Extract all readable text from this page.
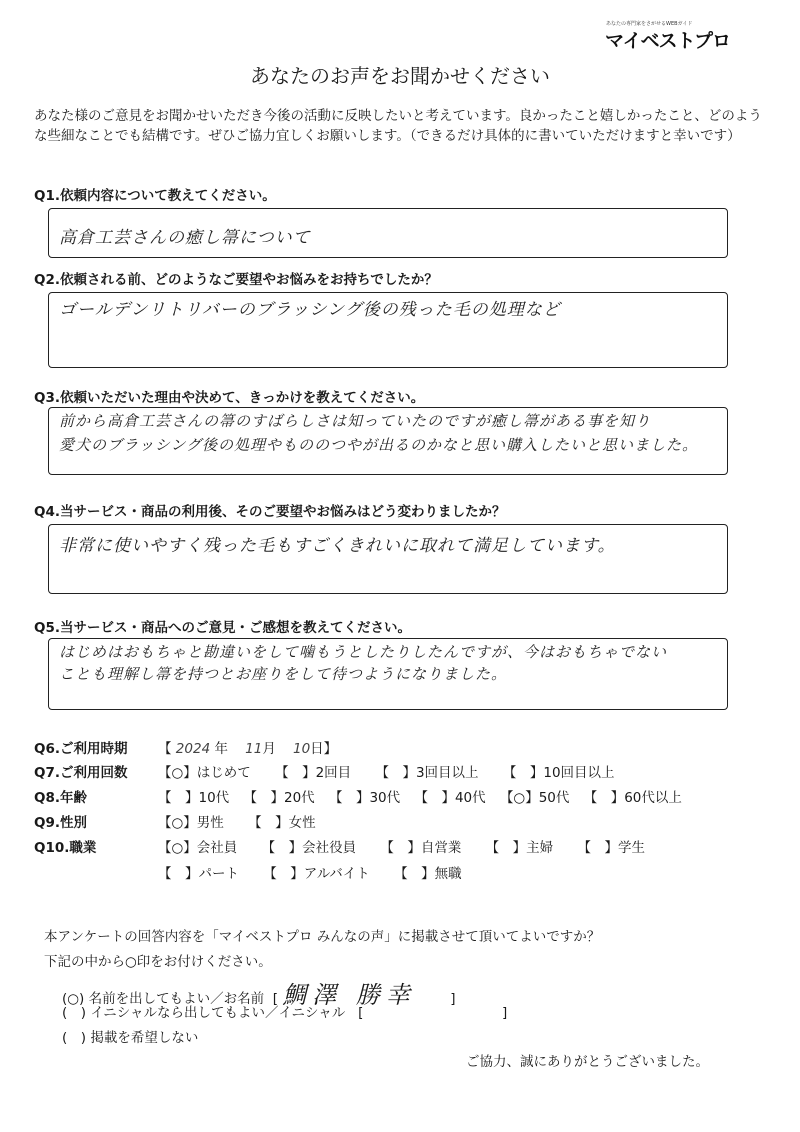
あなたの専門家をさがせるWEBガイド
マイベストプロ
あなたのお声をお聞かせください
あなた様のご意見をお聞かせいただき今後の活動に反映したいと考えています。良かったこと嬉しかったこと、どのような些細なことでも結構です。ぜひご協力宜しくお願いします。（できるだけ具体的に書いていただけますと幸いです）
Q1.依頼内容について教えてください。
高倉工芸さんの癒し箒について
Q2.依頼される前、どのようなご要望やお悩みをお持ちでしたか？
ゴールデンリトリバーのブラッシング後の残った毛の処理など
Q3.依頼いただいた理由や決めて、きっかけを教えてください。
前から高倉工芸さんの箒のすばらしさは知っていたのですが癒し箒がある事を知り
愛犬のブラッシング後の処理やもののつやが出るのかなと思い購入したいと思いました。
Q4.当サービス・商品の利用後、そのご要望やお悩みはどう変わりましたか？
非常に使いやすく残った毛もすごくきれいに取れて満足しています。
Q5.当サービス・商品へのご意見・ご感想を教えてください。
はじめはおもちゃと勘違いをして噛もうとしたりしたんですが、今はおもちゃでない
ことも理解し箒を持つとお座りをして待つようになりました。
Q6.ご利用時期 【 2024 年 11月 10日】
Q7.ご利用回数 【○】はじめて 【　】2回目 【　】3回目以上 【　】10回目以上
Q8.年齢	【　】10代 【　】20代 【　】30代 【　】40代 【○】50代 【　】60代以上
Q9.性別	【○】男性 【　】女性
Q10.職業	【○】会社員 【　】会社役員 【　】自営業 【　】主婦 【　】学生
【　】パート 【　】アルバイト 【　】無職
本アンケートの回答内容を「マイベストプロ みんなの声」に掲載させて頂いてよいですか？
下記の中から○印をお付けください。
(○) 名前を出してもよい／お名前 [ 鯛澤 勝幸	]
(　) イニシャルなら出してもよい／イニシャル [	]
(　) 掲載を希望しない
ご協力、誠にありがとうございました。
